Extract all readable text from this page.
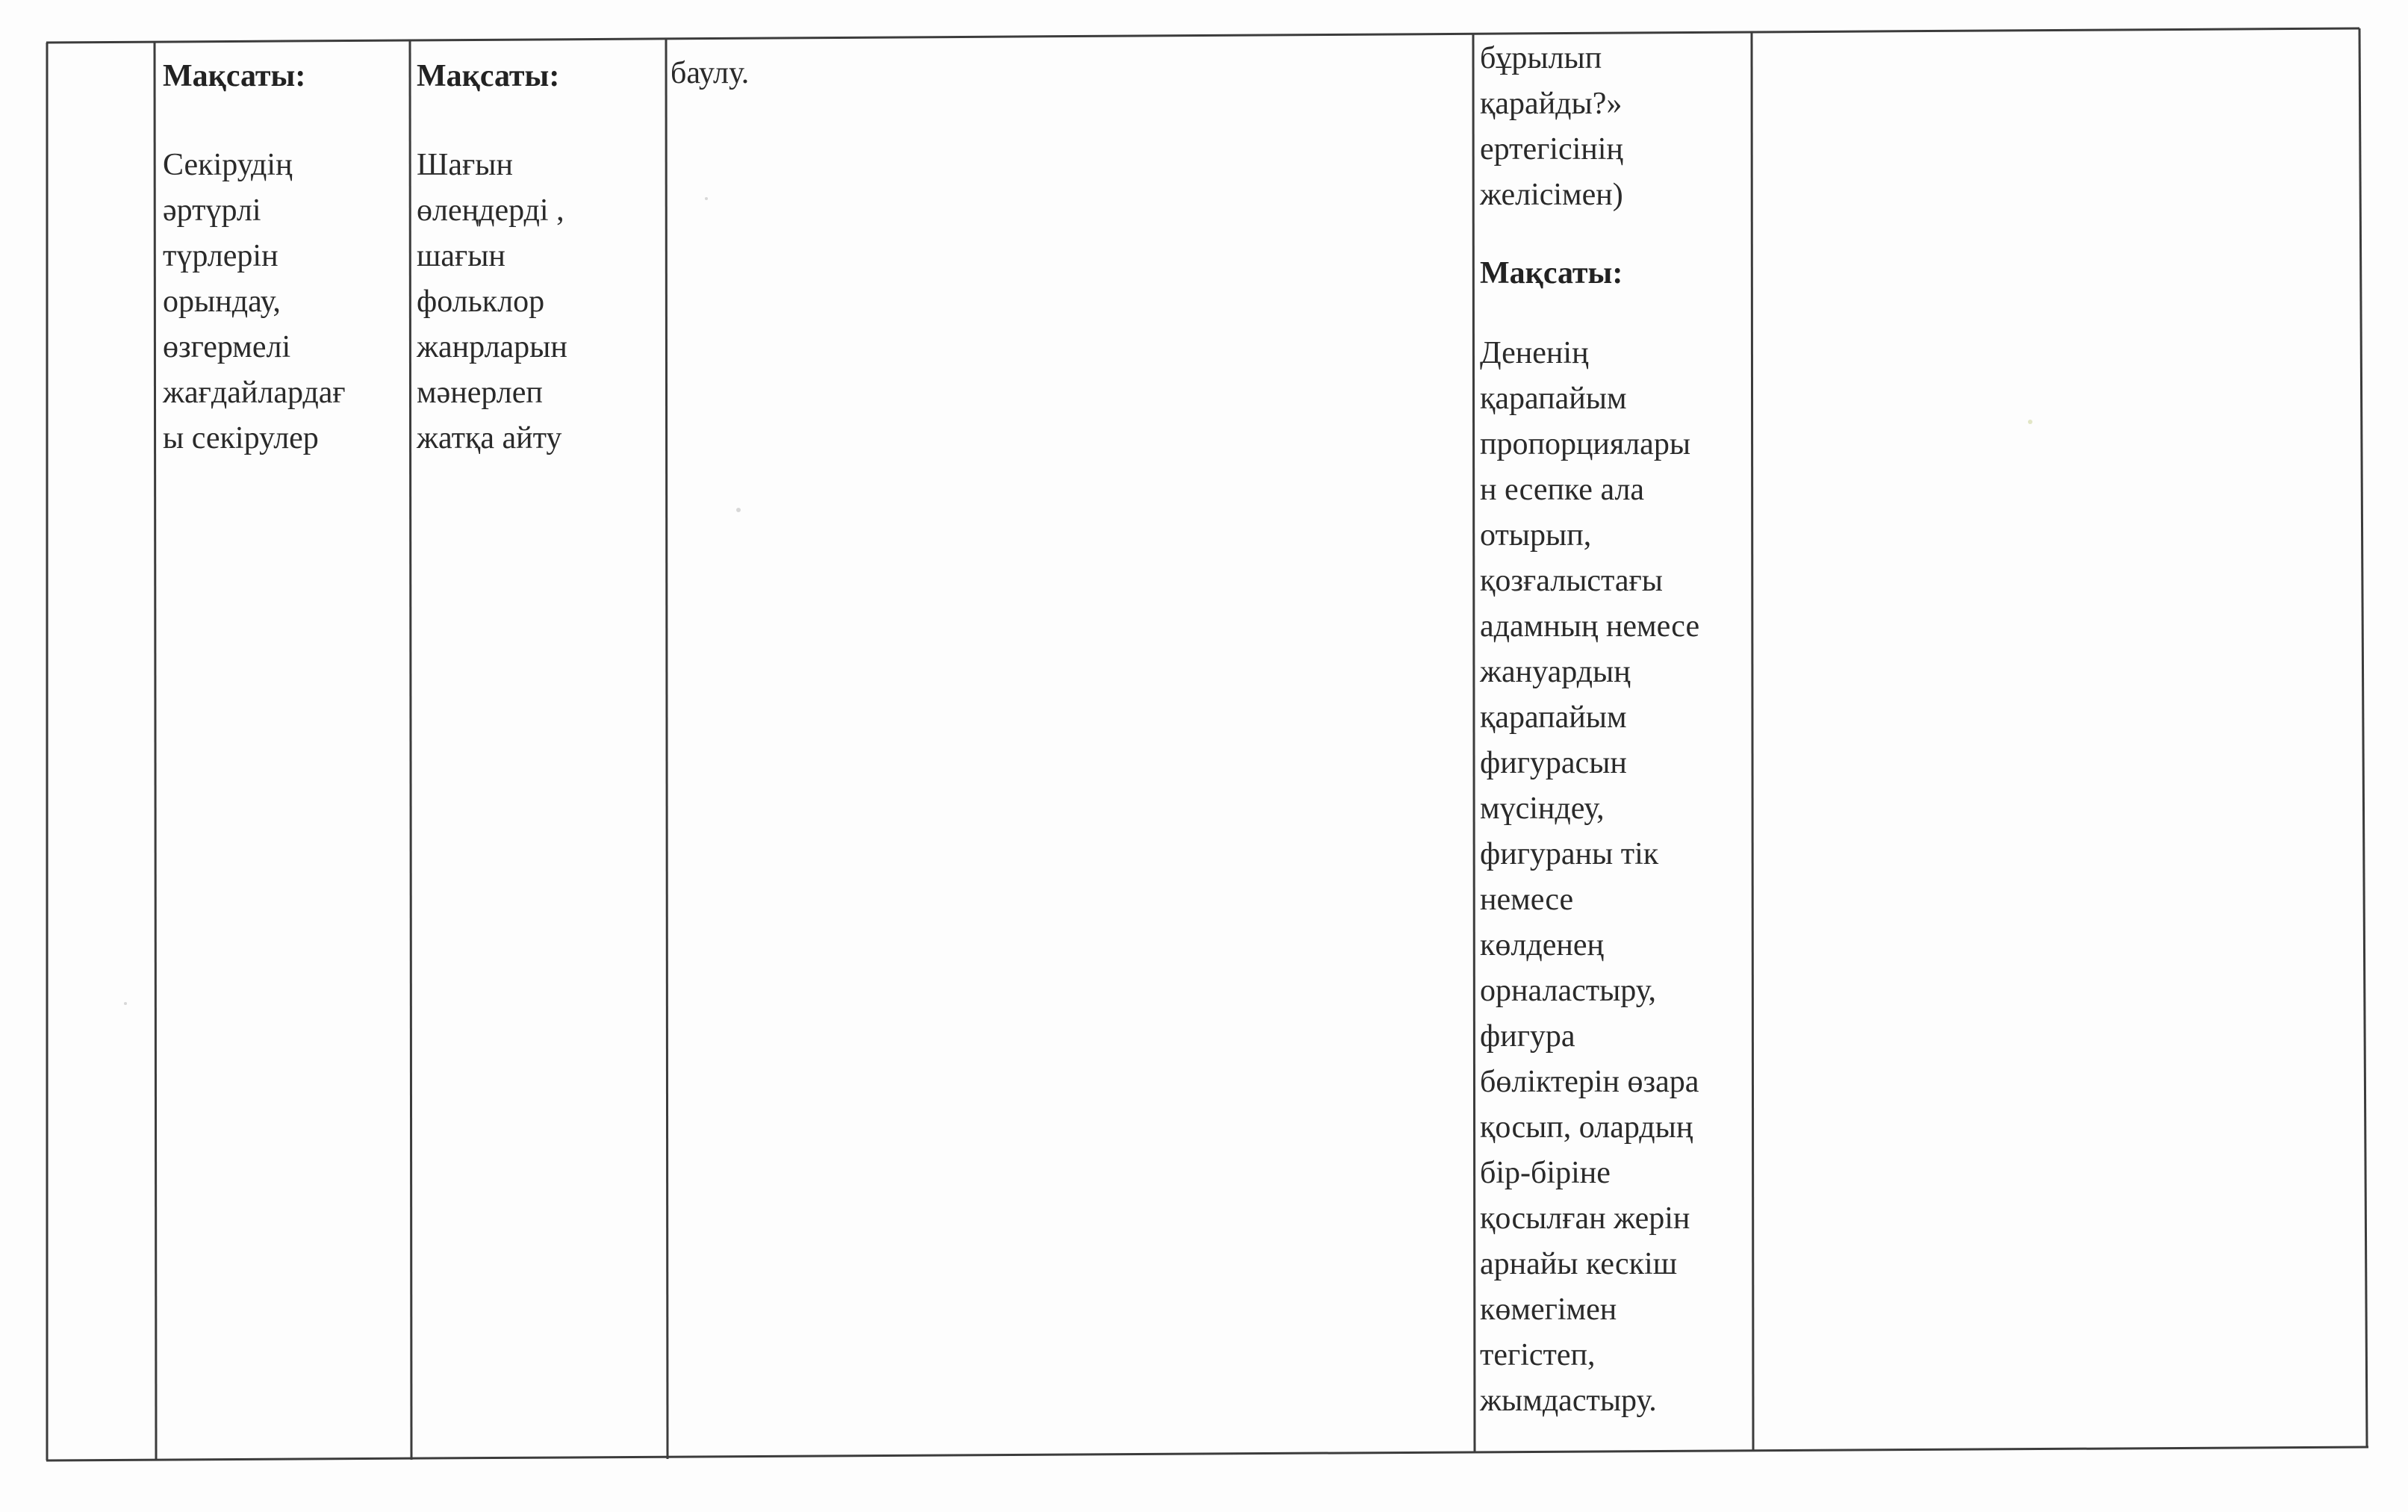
Мақсаты:

Секірудің
әртүрлі
түрлерін
орындау,
өзгермелі
жағдайлардағ
ы секірулер

Мақсаты:

Шағын
өлеңдерді ,
шағын
фольклор
жанрларын
мәнерлеп
жатқа айту

баулу.	бұрылып
қарайды?»
ертегісінің
желісімен)

Мақсаты:

Дененің
қарапайым
пропорциялары
н есепке ала
отырып,
қозғалыстағы
адамның немесе
жануардың
қарапайым
фигурасын
мүсіндеу,
фигураны тік
немесе
көлденең
орналастыру,
фигура
бөліктерін өзара
қосып, олардың
бір-біріне
қосылған жерін
арнайы кескіш
көмегімен
тегістеп,
жымдастыру.
